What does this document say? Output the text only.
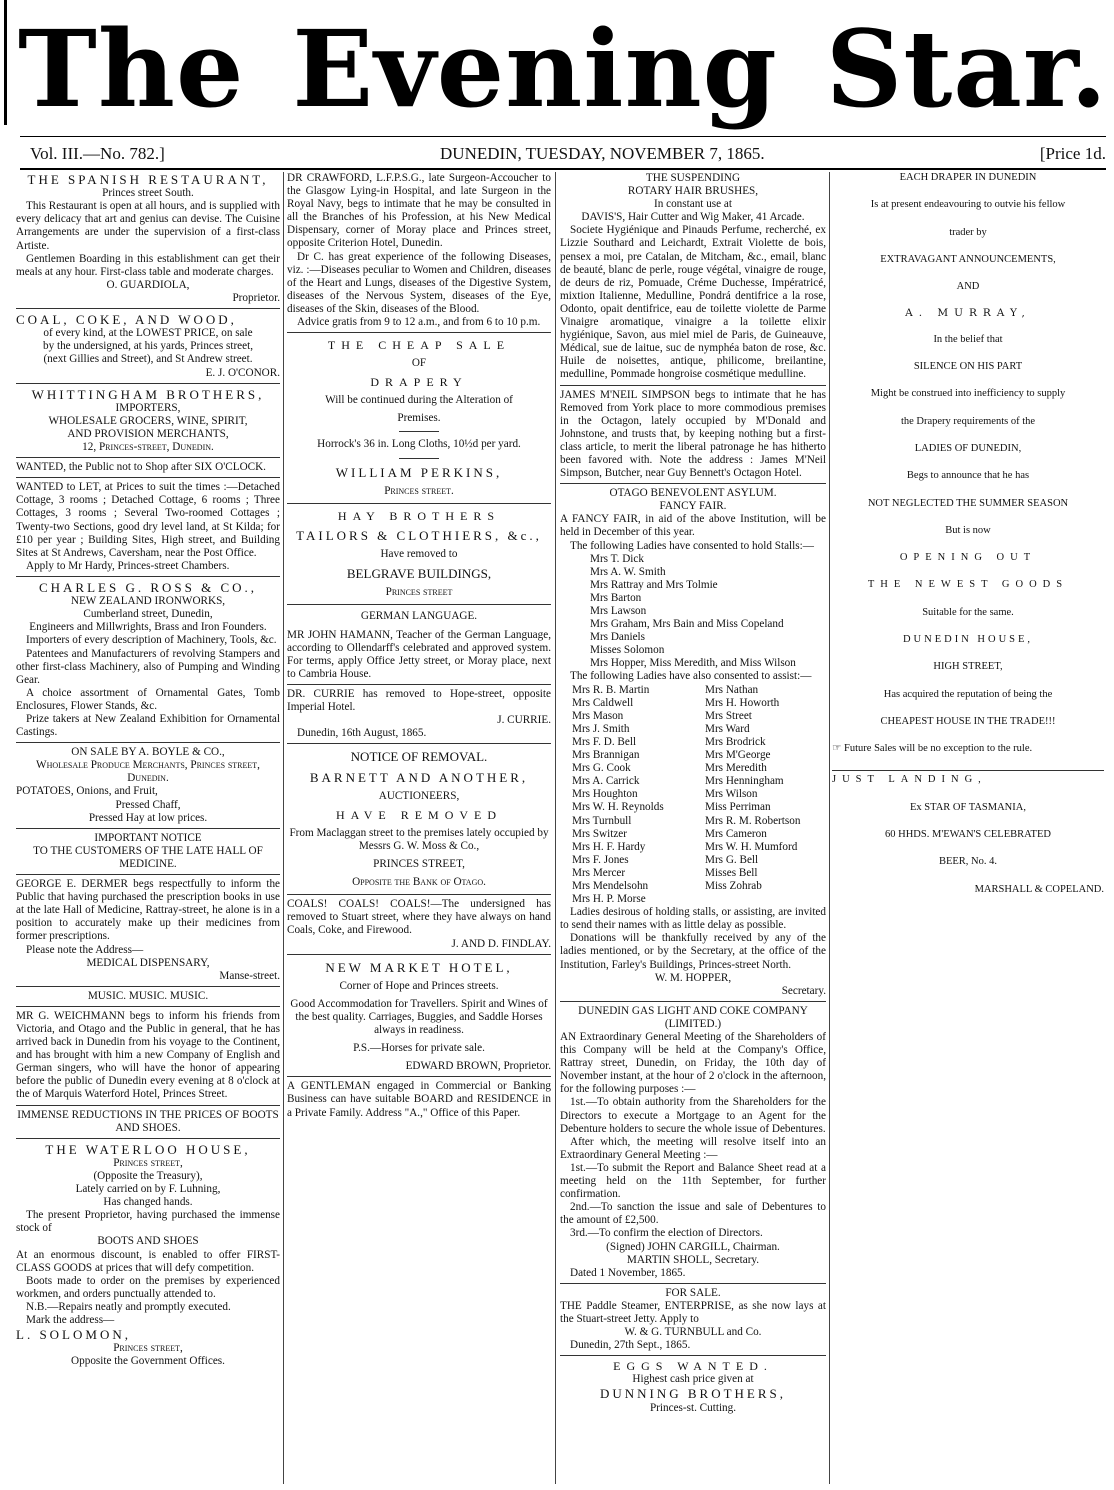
The Evening Star.
Vol. III.—No. 782.]	DUNEDIN, TUESDAY, NOVEMBER 7, 1865.	[Price 1d.

THE SPANISH RESTAURANT,

Princes street South.

This Restaurant is open at all hours, and is supplied with every delicacy that art and genius can devise. The Cuisine Arrangements are under the supervision of a first-class Artiste.

Gentlemen Boarding in this establishment can get their meals at any hour. First-class table and moderate charges.

O. GUARDIOLA,

Proprietor.

COAL, COKE, AND WOOD,

of every kind, at the LOWEST PRICE, on sale

by the undersigned, at his yards, Princes street,

(next Gillies and Street), and St Andrew street.

E. J. O'CONOR.

WHITTINGHAM BROTHERS,

IMPORTERS,

WHOLESALE GROCERS, WINE, SPIRIT,

AND PROVISION MERCHANTS,

12, Princes-street, Dunedin.

WANTED, the Public not to Shop after SIX O'CLOCK.

WANTED to LET, at Prices to suit the times :—Detached Cottage, 3 rooms ; Detached Cottage, 6 rooms ; Three Cottages, 3 rooms ; Several Two-roomed Cottages ; Twenty-two Sections, good dry level land, at St Kilda; for £10 per year ; Building Sites, High street, and Building Sites at St Andrews, Caversham, near the Post Office.

Apply to Mr Hardy, Princes-street Chambers.

CHARLES G. ROSS & CO.,

NEW ZEALAND IRONWORKS,

Cumberland street, Dunedin,

Engineers and Millwrights, Brass and Iron Founders.

Importers of every description of Machinery, Tools, &c.

Patentees and Manufacturers of revolving Stampers and other first-class Machinery, also of Pumping and Winding Gear.

A choice assortment of Ornamental Gates, Tomb Enclosures, Flower Stands, &c.

Prize takers at New Zealand Exhibition for Ornamental Castings.

ON SALE BY A. BOYLE & CO.,

Wholesale Produce Merchants, Princes street, Dunedin.

POTATOES, Onions, and Fruit,

Pressed Chaff,

Pressed Hay at low prices.

IMPORTANT NOTICE

TO THE CUSTOMERS OF THE LATE HALL OF MEDICINE.

GEORGE E. DERMER begs respectfully to inform the Public that having purchased the prescription books in use at the late Hall of Medicine, Rattray-street, he alone is in a position to accurately make up their medicines from former prescriptions.

Please note the Address—

MEDICAL DISPENSARY,

Manse-street.

MUSIC. MUSIC. MUSIC.

MR G. WEICHMANN begs to inform his friends from Victoria, and Otago and the Public in general, that he has arrived back in Dunedin from his voyage to the Continent, and has brought with him a new Company of English and German singers, who will have the honor of appearing before the public of Dunedin every evening at 8 o'clock at the of Marquis Waterford Hotel, Princes Street.

IMMENSE REDUCTIONS IN THE PRICES OF BOOTS AND SHOES.

THE WATERLOO HOUSE,

Princes street,

(Opposite the Treasury),

Lately carried on by F. Luhning,

Has changed hands.

The present Proprietor, having purchased the immense stock of

BOOTS AND SHOES

At an enormous discount, is enabled to offer FIRST-CLASS GOODS at prices that will defy competition.

Boots made to order on the premises by experienced workmen, and orders punctually attended to.

N.B.—Repairs neatly and promptly executed.

Mark the address—

L. SOLOMON,

Princes street,

Opposite the Government Offices.

DR CRAWFORD, L.F.P.S.G., late Surgeon-Accoucher to the Glasgow Lying-in Hospital, and late Surgeon in the Royal Navy, begs to intimate that he may be consulted in all the Branches of his Profession, at his New Medical Dispensary, corner of Moray place and Princes street, opposite Criterion Hotel, Dunedin.

Dr C. has great experience of the following Diseases, viz. :—Diseases peculiar to Women and Children, diseases of the Heart and Lungs, diseases of the Digestive System, diseases of the Nervous System, diseases of the Eye, diseases of the Skin, diseases of the Blood.

Advice gratis from 9 to 12 a.m., and from 6 to 10 p.m.

THE CHEAP SALE

OF

DRAPERY

Will be continued during the Alteration of

Premises.

Horrock's 36 in. Long Cloths, 10½d per yard.

WILLIAM PERKINS,

Princes street.

HAY BROTHERS

TAILORS & CLOTHIERS, &c.,

Have removed to

BELGRAVE BUILDINGS,

Princes street

GERMAN LANGUAGE.

MR JOHN HAMANN, Teacher of the German Language, according to Ollendarff's celebrated and approved system. For terms, apply Office Jetty street, or Moray place, next to Cambria House.

DR. CURRIE has removed to Hope-street, opposite Imperial Hotel.

J. CURRIE.

Dunedin, 16th August, 1865.

NOTICE OF REMOVAL.

BARNETT AND ANOTHER,

AUCTIONEERS,

HAVE REMOVED

From Maclaggan street to the premises lately occupied by Messrs G. W. Moss & Co.,

PRINCES STREET,

Opposite the Bank of Otago.

COALS! COALS! COALS!—The undersigned has removed to Stuart street, where they have always on hand Coals, Coke, and Firewood.

J. AND D. FINDLAY.

NEW MARKET HOTEL,

Corner of Hope and Princes streets.

Good Accommodation for Travellers. Spirit and Wines of the best quality. Carriages, Buggies, and Saddle Horses always in readiness.

P.S.—Horses for private sale.

EDWARD BROWN, Proprietor.

A GENTLEMAN engaged in Commercial or Banking Business can have suitable BOARD and RESIDENCE in a Private Family. Address "A.," Office of this Paper.

THE SUSPENDING

ROTARY HAIR BRUSHES,

In constant use at

DAVIS'S, Hair Cutter and Wig Maker, 41 Arcade.

Societe Hygiénique and Pinauds Perfume, recherché, ex Lizzie Southard and Leichardt, Extrait Violette de bois, pensex a moi, pre Catalan, de Mitcham, &c., email, blanc de beauté, blanc de perle, rouge végétal, vinaigre de rouge, de deurs de riz, Pomuade, Créme Duchesse, Impératricé, mixtion Italienne, Medulline, Pondrá dentifrice a la rose, Odonto, opait dentifrice, eau de toilette violette de Parme Vinaigre aromatique, vinaigre a la toilette elixir hygiénique, Savon, aus miel miel de Paris, de Guineauve, Médical, sue de laitue, suc de nymphéa baton de rose, &c. Huile de noisettes, antique, philicome, breilantine, medulline, Pommade hongroise cosmétique medulline.

JAMES M'NEIL SIMPSON begs to intimate that he has Removed from York place to more commodious premises in the Octagon, lately occupied by M'Donald and Johnstone, and trusts that, by keeping nothing but a first-class article, to merit the liberal patronage he has hitherto been favored with. Note the address : James M'Neil Simpson, Butcher, near Guy Bennett's Octagon Hotel.

OTAGO BENEVOLENT ASYLUM.

FANCY FAIR.

A FANCY FAIR, in aid of the above Institution, will be held in December of this year.

The following Ladies have consented to hold Stalls:—

Mrs T. Dick

Mrs A. W. Smith

Mrs Rattray and Mrs Tolmie

Mrs Barton

Mrs Lawson

Mrs Graham, Mrs Bain and Miss Copeland

Mrs Daniels

Misses Solomon

Mrs Hopper, Miss Meredith, and Miss Wilson

The following Ladies have also consented to assist:—

Mrs R. B. Martin

Mrs Caldwell

Mrs Mason

Mrs J. Smith

Mrs F. D. Bell

Mrs Brannigan

Mrs G. Cook

Mrs A. Carrick

Mrs Houghton

Mrs W. H. Reynolds

Mrs Turnbull

Mrs Switzer

Mrs H. F. Hardy

Mrs F. Jones

Mrs Mercer

Mrs Mendelsohn

Mrs H. P. Morse

Mrs Nathan

Mrs H. Howorth

Mrs Street

Mrs Ward

Mrs Brodrick

Mrs M'George

Mrs Meredith

Mrs Henningham

Mrs Wilson

Miss Perriman

Mrs R. M. Robertson

Mrs Cameron

Mrs W. H. Mumford

Mrs G. Bell

Misses Bell

Miss Zohrab

Ladies desirous of holding stalls, or assisting, are invited to send their names with as little delay as possible.

Donations will be thankfully received by any of the ladies mentioned, or by the Secretary, at the office of the Institution, Farley's Buildings, Princes-street North.

W. M. HOPPER,

Secretary.

DUNEDIN GAS LIGHT AND COKE COMPANY (LIMITED.)

AN Extraordinary General Meeting of the Shareholders of this Company will be held at the Company's Office, Rattray street, Dunedin, on Friday, the 10th day of November instant, at the hour of 2 o'clock in the afternoon, for the following purposes :—

1st.—To obtain authority from the Shareholders for the Directors to execute a Mortgage to an Agent for the Debenture holders to secure the whole issue of Debentures.

After which, the meeting will resolve itself into an Extraordinary General Meeting :—

1st.—To submit the Report and Balance Sheet read at a meeting held on the 11th September, for further confirmation.

2nd.—To sanction the issue and sale of Debentures to the amount of £2,500.

3rd.—To confirm the election of Directors.

(Signed) JOHN CARGILL, Chairman.

MARTIN SHOLL, Secretary.

Dated 1 November, 1865.

FOR SALE.

THE Paddle Steamer, ENTERPRISE, as she now lays at the Stuart-street Jetty. Apply to

W. & G. TURNBULL and Co.

Dunedin, 27th Sept., 1865.

EGGS WANTED.

Highest cash price given at

DUNNING BROTHERS,

Princes-st. Cutting.

EACH DRAPER IN DUNEDIN

Is at present endeavouring to outvie his fellow

trader by

EXTRAVAGANT ANNOUNCEMENTS,

AND

A. MURRAY,

In the belief that

SILENCE ON HIS PART

Might be construed into inefficiency to supply

the Drapery requirements of the

LADIES OF DUNEDIN,

Begs to announce that he has

NOT NEGLECTED THE SUMMER SEASON

But is now

OPENING OUT

THE NEWEST GOODS

Suitable for the same.

DUNEDIN HOUSE,

HIGH STREET,

Has acquired the reputation of being the

CHEAPEST HOUSE IN THE TRADE!!!

☞ Future Sales will be no exception to the rule.

JUST LANDING,

Ex STAR OF TASMANIA,

60 HHDS. M'EWAN'S CELEBRATED

BEER, No. 4.

MARSHALL & COPELAND.
